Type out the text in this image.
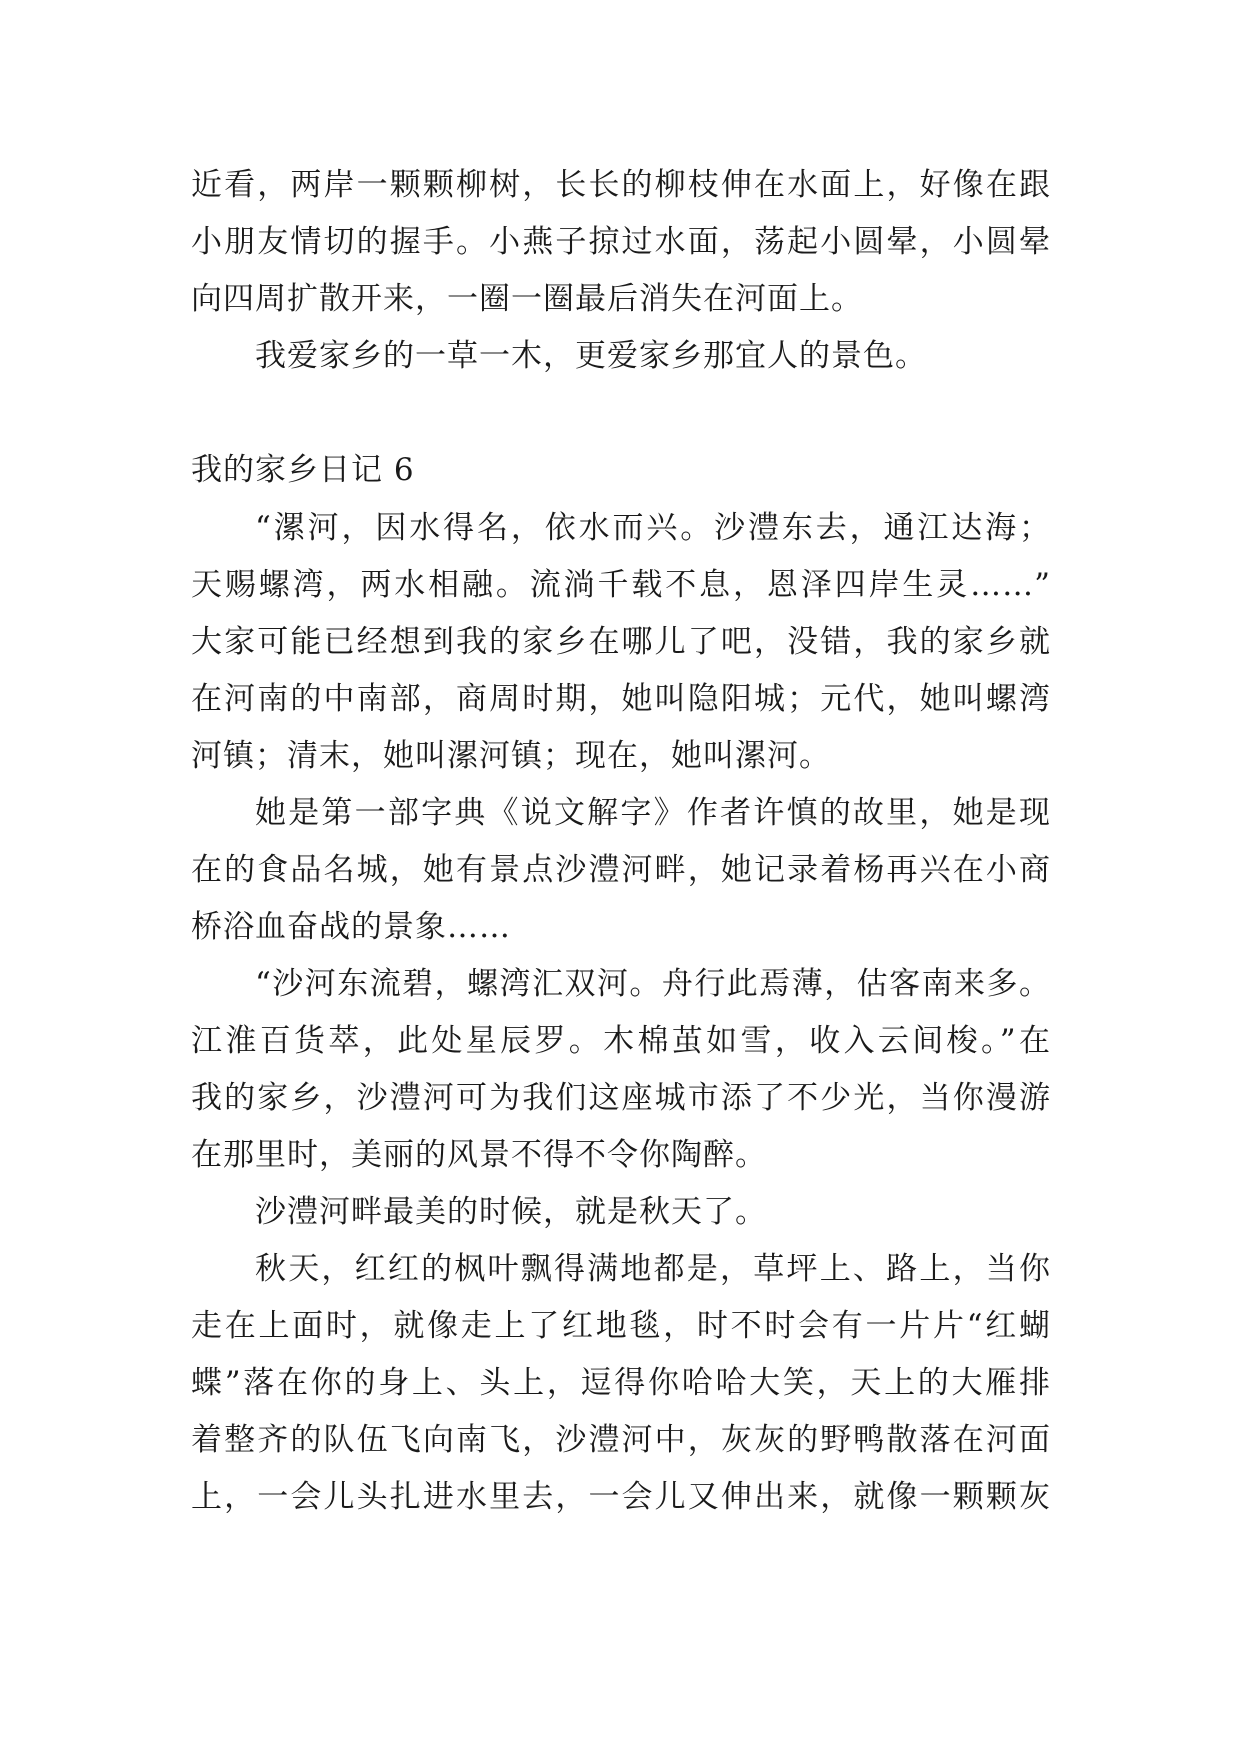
近看，两岸一颗颗柳树，长长的柳枝伸在水面上，好像在跟
小朋友情切的握手。小燕子掠过水面，荡起小圆晕，小圆晕
向四周扩散开来，一圈一圈最后消失在河面上。
我爱家乡的一草一木，更爱家乡那宜人的景色。
我的家乡日记 6
“漯河，因水得名，依水而兴。沙澧东去，通江达海；
天赐螺湾，两水相融。流淌千载不息，恩泽四岸生灵……”
大家可能已经想到我的家乡在哪儿了吧，没错，我的家乡就
在河南的中南部，商周时期，她叫隐阳城；元代，她叫螺湾
河镇；清末，她叫漯河镇；现在，她叫漯河。
她是第一部字典《说文解字》作者许慎的故里，她是现
在的食品名城，她有景点沙澧河畔，她记录着杨再兴在小商
桥浴血奋战的景象……
“沙河东流碧，螺湾汇双河。舟行此焉薄，估客南来多。
江淮百货萃，此处星辰罗。木棉茧如雪，收入云间梭。”在
我的家乡，沙澧河可为我们这座城市添了不少光，当你漫游
在那里时，美丽的风景不得不令你陶醉。
沙澧河畔最美的时候，就是秋天了。
秋天，红红的枫叶飘得满地都是，草坪上、路上，当你
走在上面时，就像走上了红地毯，时不时会有一片片“红蝴
蝶”落在你的身上、头上，逗得你哈哈大笑，天上的大雁排
着整齐的队伍飞向南飞，沙澧河中，灰灰的野鸭散落在河面
上，一会儿头扎进水里去，一会儿又伸出来，就像一颗颗灰
